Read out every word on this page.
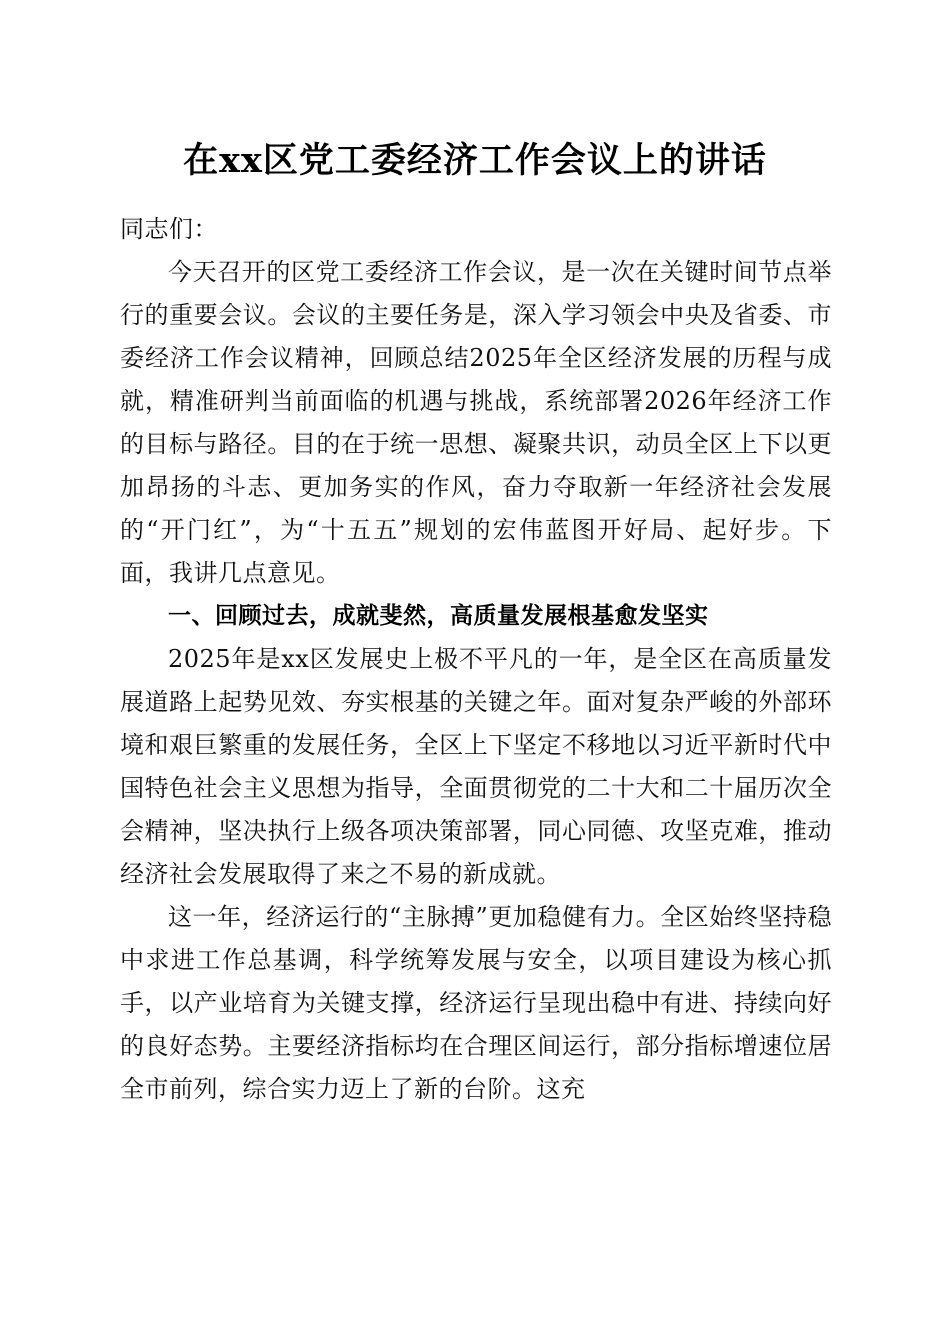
在xx区党工委经济工作会议上的讲话

同志们：

今天召开的区党工委经济工作会议，是一次在关键时间节点举行的重要会议。会议的主要任务是，深入学习领会中央及省委、市委经济工作会议精神，回顾总结2025年全区经济发展的历程与成就，精准研判当前面临的机遇与挑战，系统部署2026年经济工作的目标与路径。目的在于统一思想、凝聚共识，动员全区上下以更加昂扬的斗志、更加务实的作风，奋力夺取新一年经济社会发展的“开门红”，为“十五五”规划的宏伟蓝图开好局、起好步。下面，我讲几点意见。

一、回顾过去，成就斐然，高质量发展根基愈发坚实

2025年是xx区发展史上极不平凡的一年，是全区在高质量发展道路上起势见效、夯实根基的关键之年。面对复杂严峻的外部环境和艰巨繁重的发展任务，全区上下坚定不移地以习近平新时代中国特色社会主义思想为指导，全面贯彻党的二十大和二十届历次全会精神，坚决执行上级各项决策部署，同心同德、攻坚克难，推动经济社会发展取得了来之不易的新成就。

这一年，经济运行的“主脉搏”更加稳健有力。全区始终坚持稳中求进工作总基调，科学统筹发展与安全，以项目建设为核心抓手，以产业培育为关键支撑，经济运行呈现出稳中有进、持续向好的良好态势。主要经济指标均在合理区间运行，部分指标增速位居全市前列，综合实力迈上了新的台阶。这充
